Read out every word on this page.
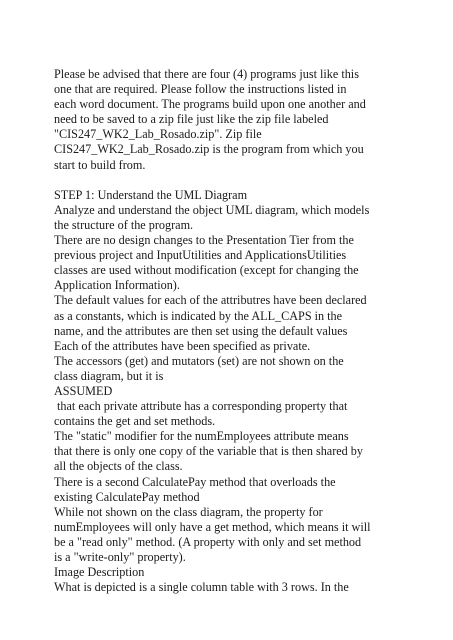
Please be advised that there are four (4) programs just like this
one that are required. Please follow the instructions listed in
each word document. The programs build upon one another and
need to be saved to a zip file just like the zip file labeled
"CIS247_WK2_Lab_Rosado.zip". Zip file
CIS247_WK2_Lab_Rosado.zip is the program from which you
start to build from.
STEP 1: Understand the UML Diagram
Analyze and understand the object UML diagram, which models
the structure of the program.
There are no design changes to the Presentation Tier from the
previous project and InputUtilities and ApplicationsUtilities
classes are used without modification (except for changing the
Application Information).
The default values for each of the attributres have been declared
as a constants, which is indicated by the ALL_CAPS in the
name, and the attributes are then set using the default values
Each of the attributes have been specified as private.
The accessors (get) and mutators (set) are not shown on the
class diagram, but it is
ASSUMED
that each private attribute has a corresponding property that
contains the get and set methods.
The "static" modifier for the numEmployees attribute means
that there is only one copy of the variable that is then shared by
all the objects of the class.
There is a second CalculatePay method that overloads the
existing CalculatePay method
While not shown on the class diagram, the property for
numEmployees will only have a get method, which means it will
be a "read only" method. (A property with only and set method
is a "write-only" property).
Image Description
What is depicted is a single column table with 3 rows. In the
